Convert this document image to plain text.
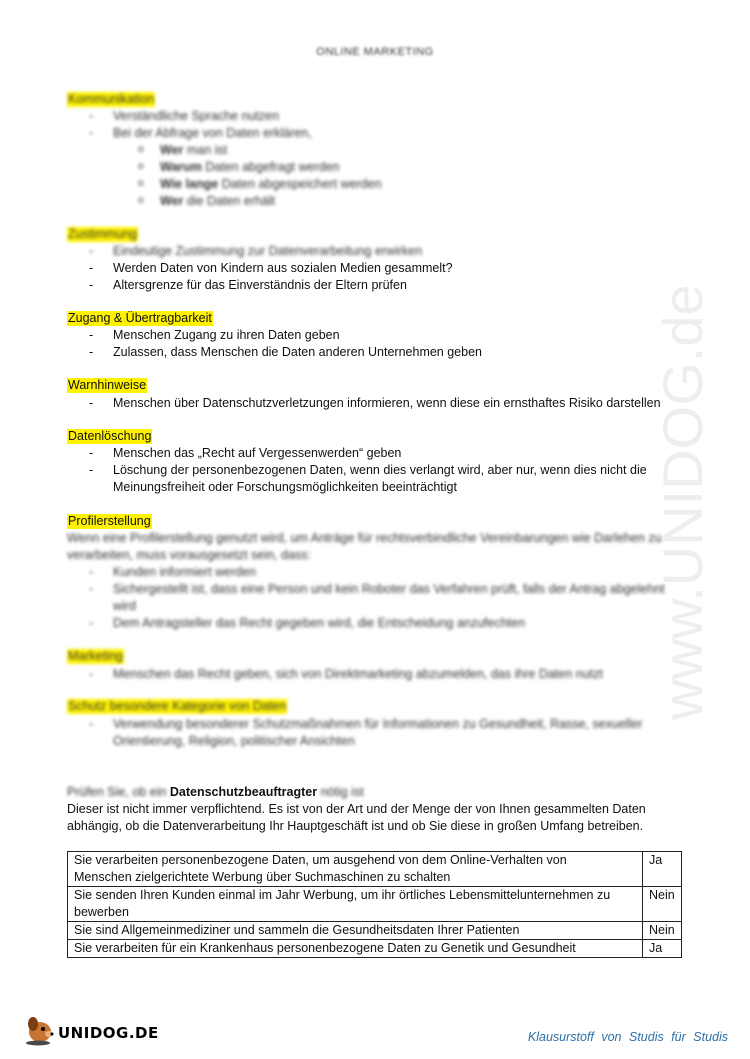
www.UNIDOG.de
ONLINE MARKETING
Kommunikation
- Verständliche Sprache nutzen
- Bei der Abfrage von Daten erklären,
o Wer man ist
o Warum Daten abgefragt werden
o Wie lange Daten abgespeichert werden
o Wer die Daten erhält
Zustimmung
- Eindeutige Zustimmung zur Datenverarbeitung erwirken
- Werden Daten von Kindern aus sozialen Medien gesammelt?
- Altersgrenze für das Einverständnis der Eltern prüfen
Zugang & Übertragbarkeit
- Menschen Zugang zu ihren Daten geben
- Zulassen, dass Menschen die Daten anderen Unternehmen geben
Warnhinweise
- Menschen über Datenschutzverletzungen informieren, wenn diese ein ernsthaftes Risiko darstellen
Datenlöschung
- Menschen das „Recht auf Vergessenwerden“ geben
- Löschung der personenbezogenen Daten, wenn dies verlangt wird, aber nur, wenn dies nicht die
Meinungsfreiheit oder Forschungsmöglichkeiten beeinträchtigt
Profilerstellung
Wenn eine Profilerstellung genutzt wird, um Anträge für rechtsverbindliche Vereinbarungen wie Darlehen zu
verarbeiten, muss vorausgesetzt sein, dass:
- Kunden informiert werden
- Sichergestellt ist, dass eine Person und kein Roboter das Verfahren prüft, falls der Antrag abgelehnt
wird
- Dem Antragsteller das Recht gegeben wird, die Entscheidung anzufechten
Marketing
- Menschen das Recht geben, sich von Direktmarketing abzumelden, das ihre Daten nutzt
Schutz besondere Kategorie von Daten
- Verwendung besonderer Schutzmaßnahmen für Informationen zu Gesundheit, Rasse, sexueller
Orientierung, Religion, politischer Ansichten
Prüfen Sie, ob ein Datenschutzbeauftragter nötig ist
Dieser ist nicht immer verpflichtend. Es ist von der Art und der Menge der von Ihnen gesammelten Daten
abhängig, ob die Datenverarbeitung Ihr Hauptgeschäft ist und ob Sie diese in großen Umfang betreiben.
Sie verarbeiten personenbezogene Daten, um ausgehend von dem Online-Verhalten von
Menschen zielgerichtete Werbung über Suchmaschinen zu schalten	Ja
Sie senden Ihren Kunden einmal im Jahr Werbung, um ihr örtliches Lebensmittelunternehmen zu
bewerben	Nein
Sie sind Allgemeinmediziner und sammeln die Gesundheitsdaten Ihrer Patienten	Nein
Sie verarbeiten für ein Krankenhaus personenbezogene Daten zu Genetik und Gesundheit	Ja
UNIDOG.DE	Klausurstoff von Studis für Studis
